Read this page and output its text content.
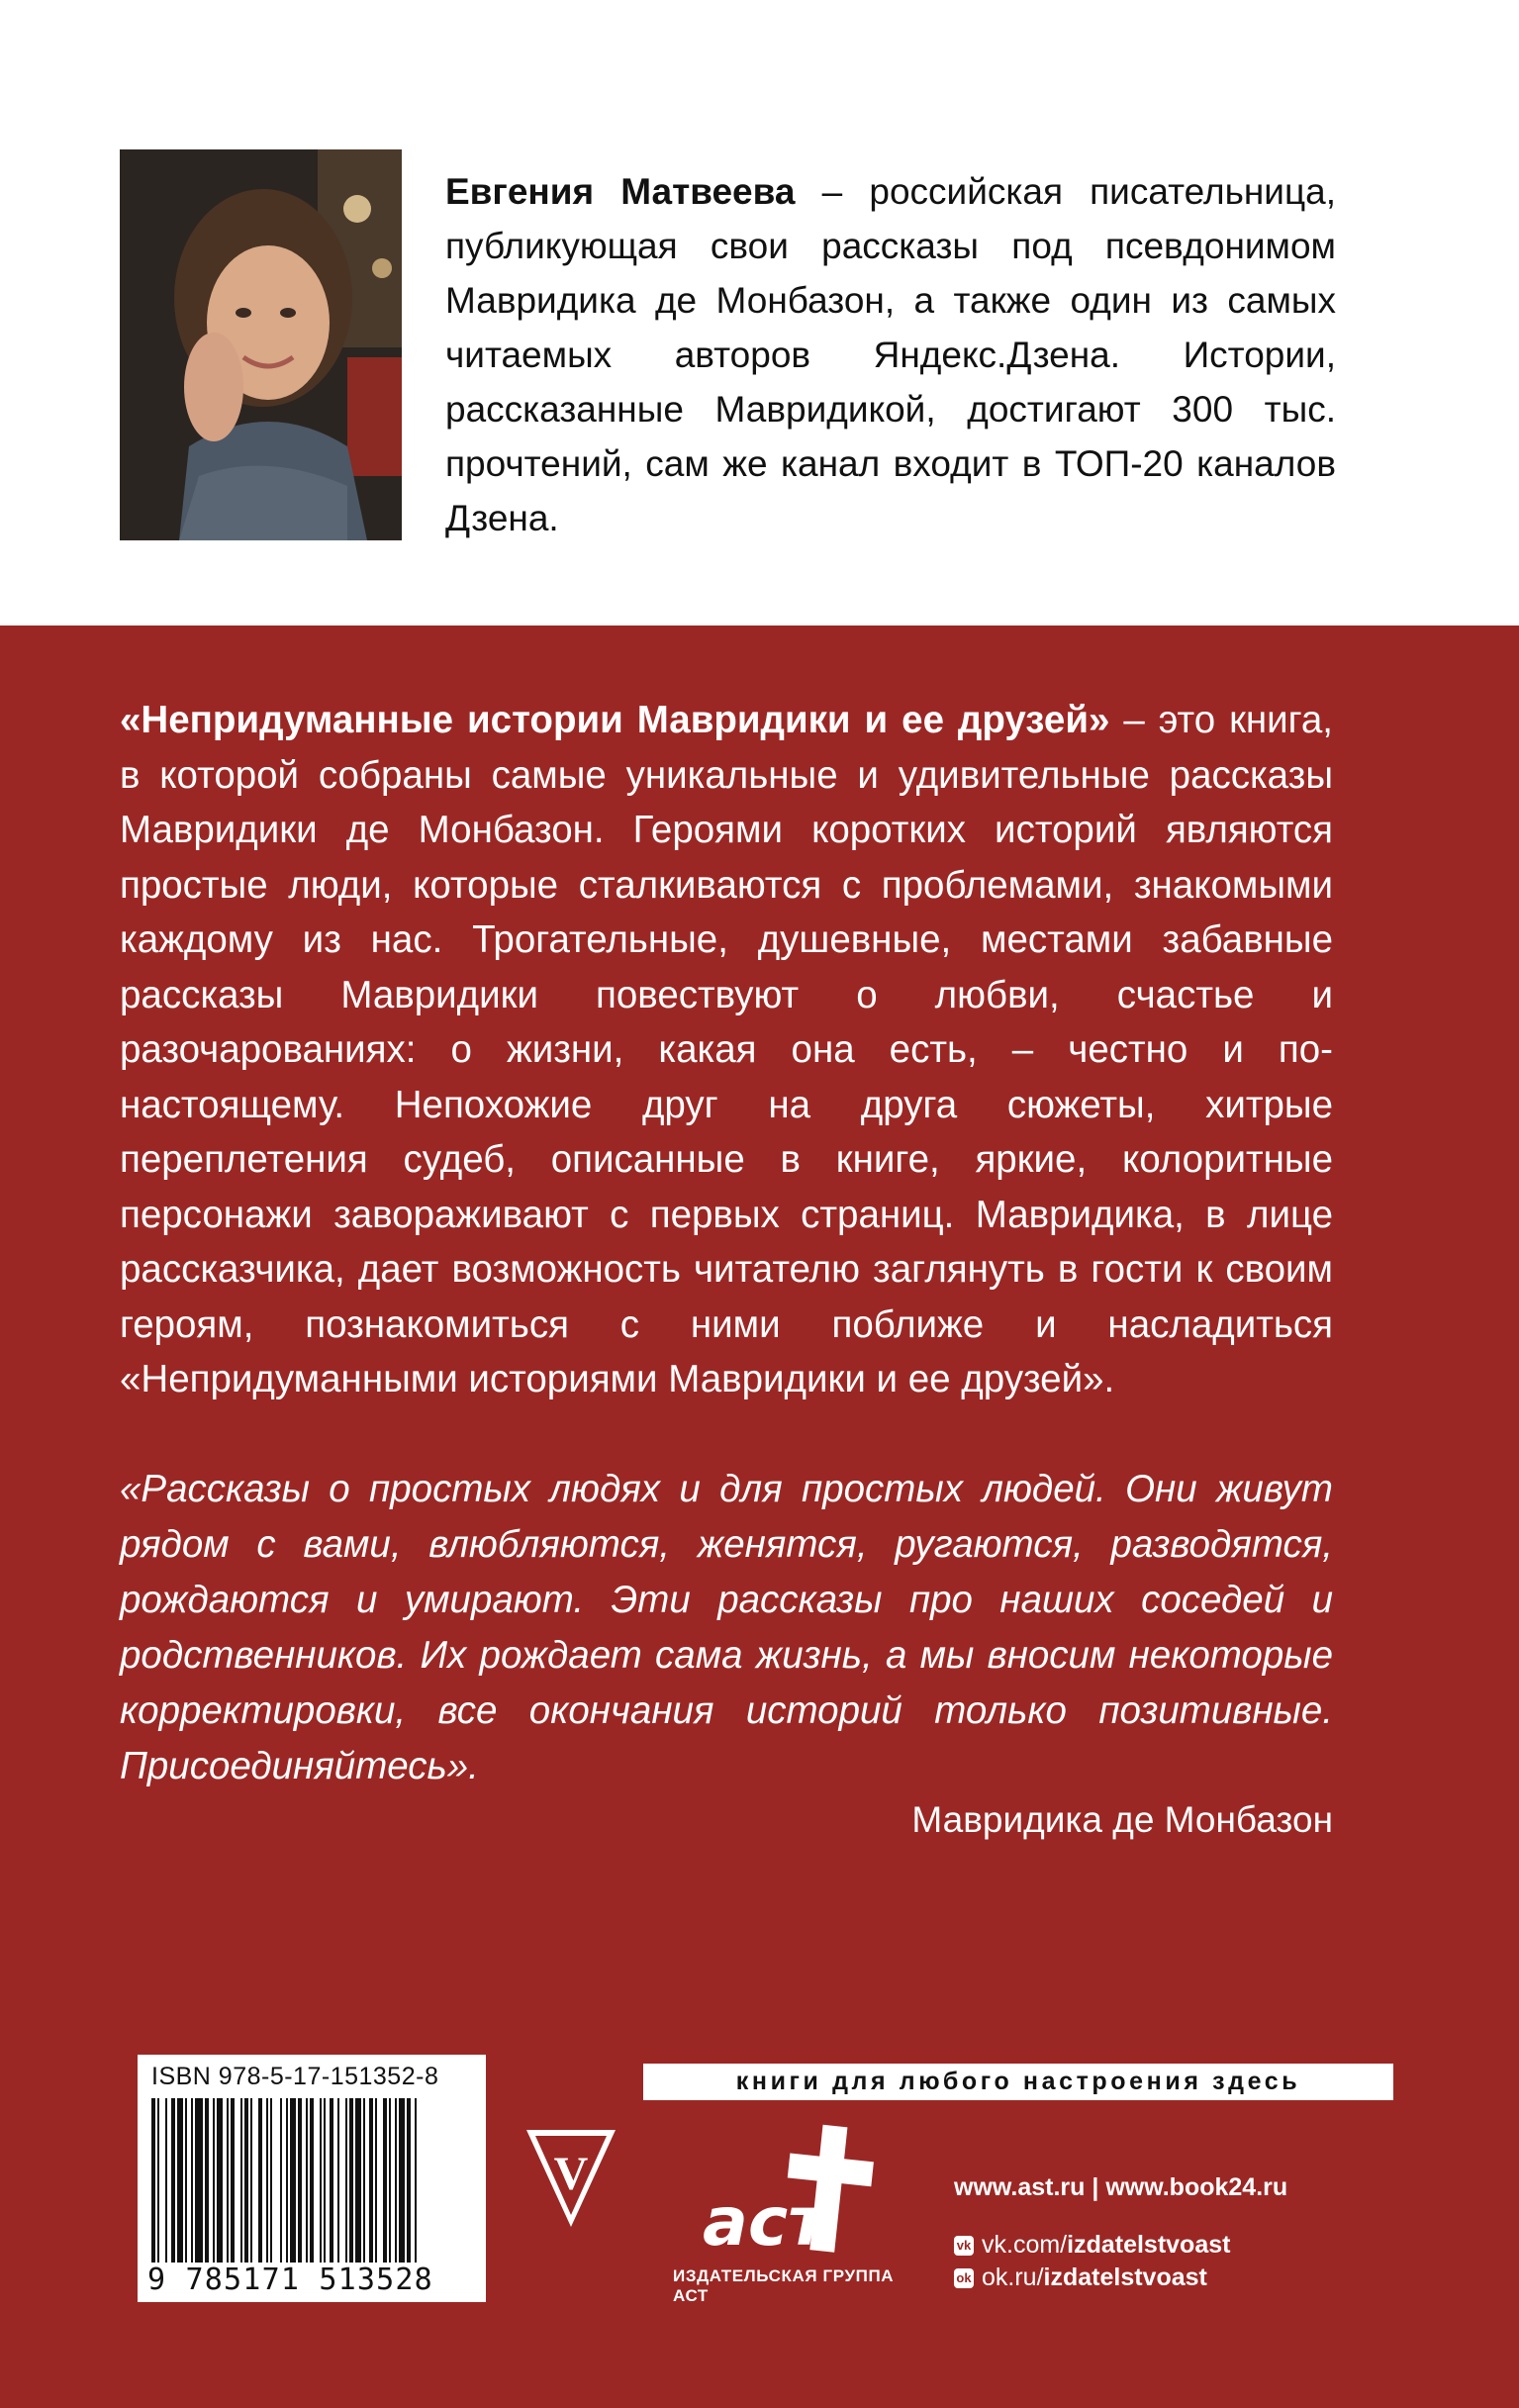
Евгения Матвеева – российская писательница, публикующая свои рассказы под псевдонимом Мавридика де Монбазон, а также один из самых читаемых авторов Яндекс.Дзена. Истории, рассказанные Мавридикой, достигают 300 тыс. прочтений, сам же канал входит в ТОП-20 каналов Дзена.

«Непридуманные истории Мавридики и ее друзей» – это книга, в которой собраны самые уникальные и удивительные рассказы Мавридики де Монбазон. Героями коротких историй являются простые люди, которые сталкиваются с проблемами, знакомыми каждому из нас. Трогательные, душевные, местами забавные рассказы Мавридики повествуют о любви, счастье и разочарованиях: о жизни, какая она есть, – честно и по-настоящему. Непохожие друг на друга сюжеты, хитрые переплетения судеб, описанные в книге, яркие, колоритные персонажи завораживают с первых страниц. Мавридика, в лице рассказчика, дает возможность читателю заглянуть в гости к своим героям, познакомиться с ними поближе и насладиться «Непридуманными историями Мавридики и ее друзей».

«Рассказы о простых людях и для простых людей. Они живут рядом с вами, влюбляются, женятся, ругаются, разводятся, рождаются и умирают. Эти рассказы про наших соседей и родственников. Их рождает сама жизнь, а мы вносим некоторые корректировки, все окончания историй только позитивные. Присоединяйтесь».

Мавридика де Монбазон
ISBN 978-5-17-151352-8
9 785171 513528
V
книги для любого настроения здесь
аст
ИЗДАТЕЛЬСКАЯ ГРУППА АСТ
www.ast.ru | www.book24.ru
vk vk.com/ izdatelstvoast
ok ok.ru/ izdatelstvoast
